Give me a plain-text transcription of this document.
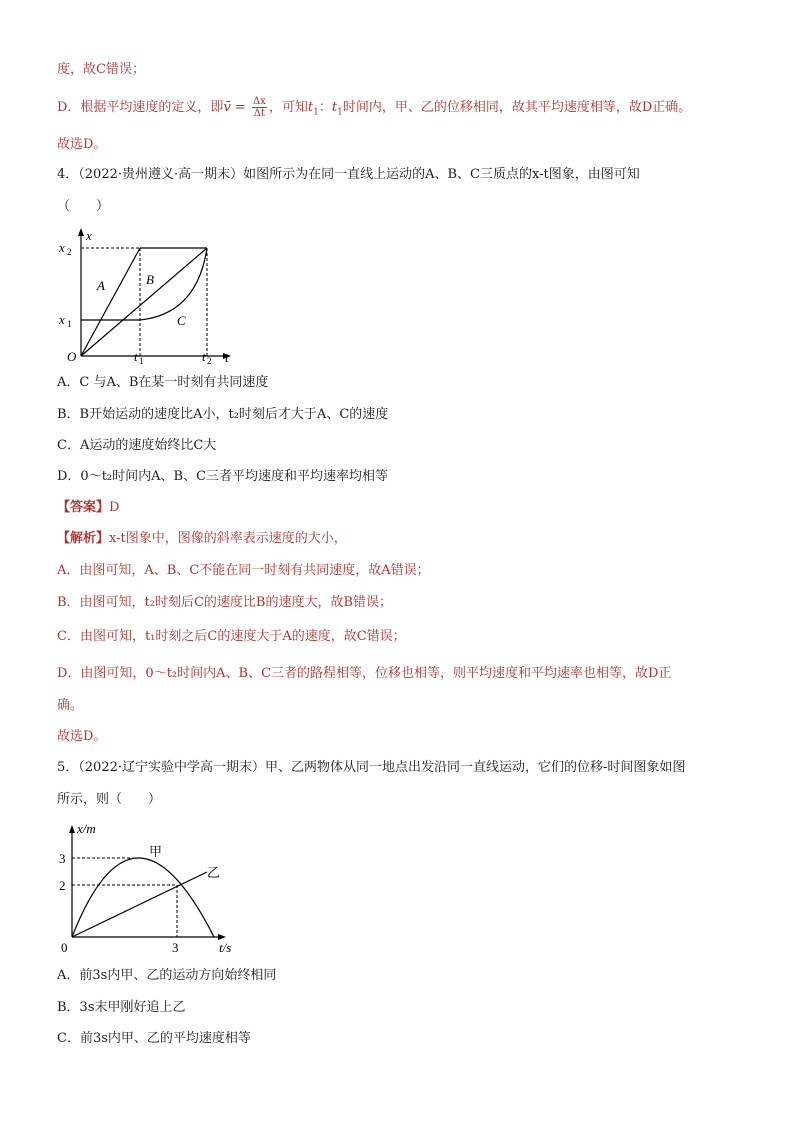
度，故C错误；
D．根据平均速度的定义，即v̄ = $\frac{\Delta x}{\Delta t}$ ，可知$t_1$：$t_1$时间内，甲、乙的位移相同，故其平均速度相等，故D正确。
故选D。
4．（2022·贵州遵义·高一期末）如图所示为在同一直线上运动的A、B、C三质点的x-t图象，由图可知
（　　）
x
x 2
x 1
O	t 1	t 2 t
A	B
C
A．C 与A、B在某一时刻有共同速度
B．B开始运动的速度比A小，t₂时刻后才大于A、C的速度
C．A运动的速度始终比C大
D．0～t₂时间内A、B、C三者平均速度和平均速率均相等
【答案】D
【解析】x-t图象中，图像的斜率表示速度的大小，
A．由图可知，A、B、C不能在同一时刻有共同速度，故A错误；
B．由图可知，t₂时刻后C的速度比B的速度大，故B错误；
C．由图可知，t₁时刻之后C的速度大于A的速度，故C错误；
D．由图可知，0～t₂时间内A、B、C三者的路程相等，位移也相等，则平均速度和平均速率也相等，故D正
确。
故选D。
5．（2022·辽宁实验中学高一期末）甲、乙两物体从同一地点出发沿同一直线运动，它们的位移-时间图象如图
所示，则（　　）
x/m
3
2
0	3	t/s
甲
乙
A．前3s内甲、乙的运动方向始终相同
B．3s末甲刚好追上乙
C．前3s内甲、乙的平均速度相等
